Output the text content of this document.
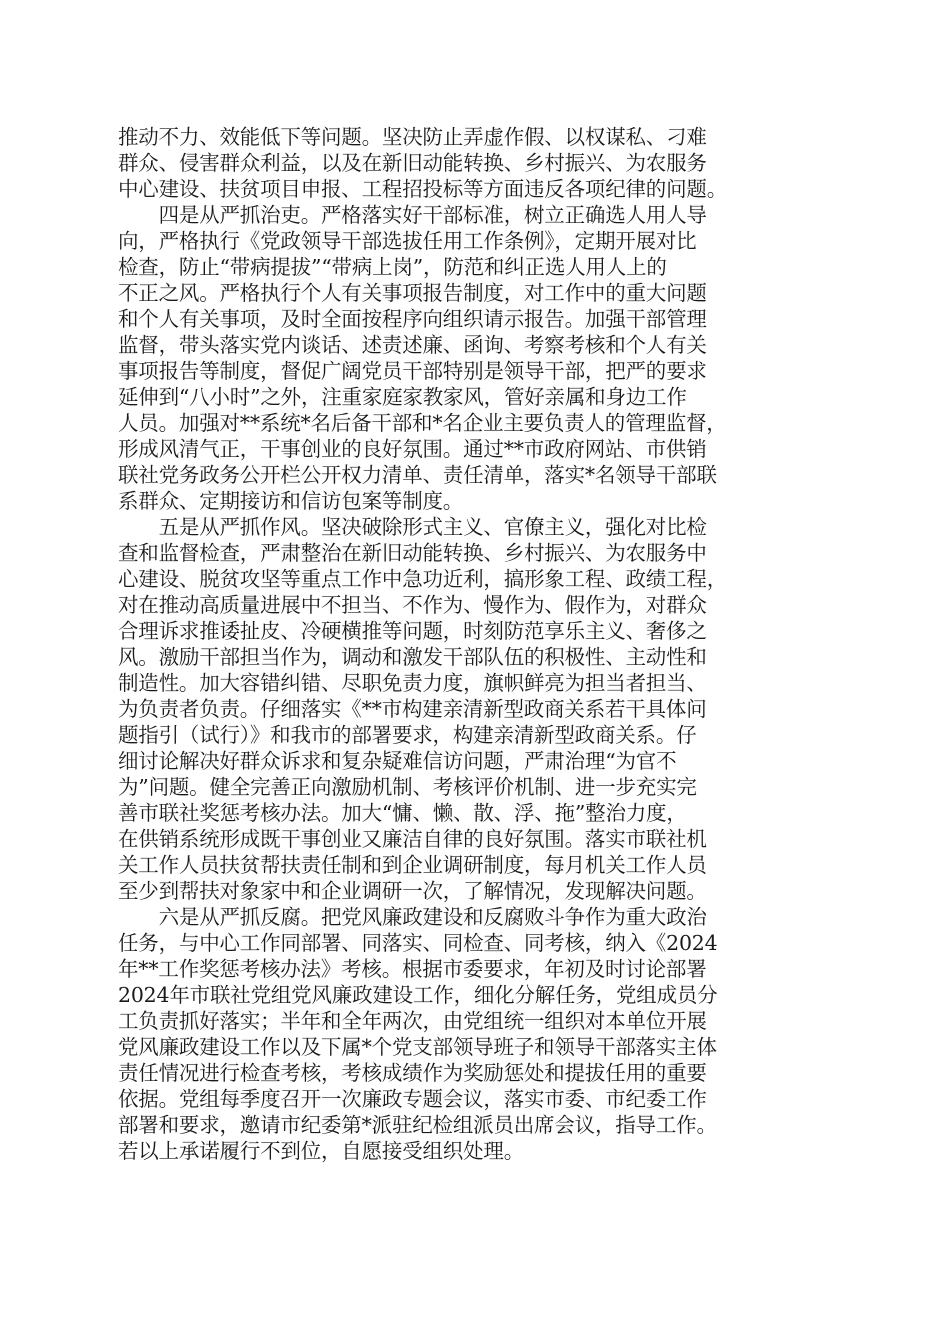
推动不力、效能低下等问题。坚决防止弄虚作假、以权谋私、刁难
群众、侵害群众利益，以及在新旧动能转换、乡村振兴、为农服务
中心建设、扶贫项目申报、工程招投标等方面违反各项纪律的问题。
　　四是从严抓治吏。严格落实好干部标准，树立正确选人用人导
向，严格执行《党政领导干部选拔任用工作条例》，定期开展对比
检查，防止“带病提拔”“带病上岗”，防范和纠正选人用人上的
不正之风。严格执行个人有关事项报告制度，对工作中的重大问题
和个人有关事项，及时全面按程序向组织请示报告。加强干部管理
监督，带头落实党内谈话、述责述廉、函询、考察考核和个人有关
事项报告等制度，督促广阔党员干部特别是领导干部，把严的要求
延伸到“八小时”之外，注重家庭家教家风，管好亲属和身边工作
人员。加强对**系统*名后备干部和*名企业主要负责人的管理监督，
形成风清气正，干事创业的良好氛围。通过**市政府网站、市供销
联社党务政务公开栏公开权力清单、责任清单，落实*名领导干部联
系群众、定期接访和信访包案等制度。
　　五是从严抓作风。坚决破除形式主义、官僚主义，强化对比检
查和监督检查，严肃整治在新旧动能转换、乡村振兴、为农服务中
心建设、脱贫攻坚等重点工作中急功近利，搞形象工程、政绩工程，
对在推动高质量进展中不担当、不作为、慢作为、假作为，对群众
合理诉求推诿扯皮、冷硬横推等问题，时刻防范享乐主义、奢侈之
风。激励干部担当作为，调动和激发干部队伍的积极性、主动性和
制造性。加大容错纠错、尽职免责力度，旗帜鲜亮为担当者担当、
为负责者负责。仔细落实《**市构建亲清新型政商关系若干具体问
题指引（试行）》和我市的部署要求，构建亲清新型政商关系。仔
细讨论解决好群众诉求和复杂疑难信访问题，严肃治理“为官不
为”问题。健全完善正向激励机制、考核评价机制、进一步充实完
善市联社奖惩考核办法。加大“慵、懒、散、浮、拖”整治力度，
在供销系统形成既干事创业又廉洁自律的良好氛围。落实市联社机
关工作人员扶贫帮扶责任制和到企业调研制度，每月机关工作人员
至少到帮扶对象家中和企业调研一次，了解情况，发现解决问题。
　　六是从严抓反腐。把党风廉政建设和反腐败斗争作为重大政治
任务，与中心工作同部署、同落实、同检查、同考核，纳入《2024
年**工作奖惩考核办法》考核。根据市委要求，年初及时讨论部署
2024年市联社党组党风廉政建设工作，细化分解任务，党组成员分
工负责抓好落实；半年和全年两次，由党组统一组织对本单位开展
党风廉政建设工作以及下属*个党支部领导班子和领导干部落实主体
责任情况进行检查考核，考核成绩作为奖励惩处和提拔任用的重要
依据。党组每季度召开一次廉政专题会议，落实市委、市纪委工作
部署和要求，邀请市纪委第*派驻纪检组派员出席会议，指导工作。
若以上承诺履行不到位，自愿接受组织处理。
